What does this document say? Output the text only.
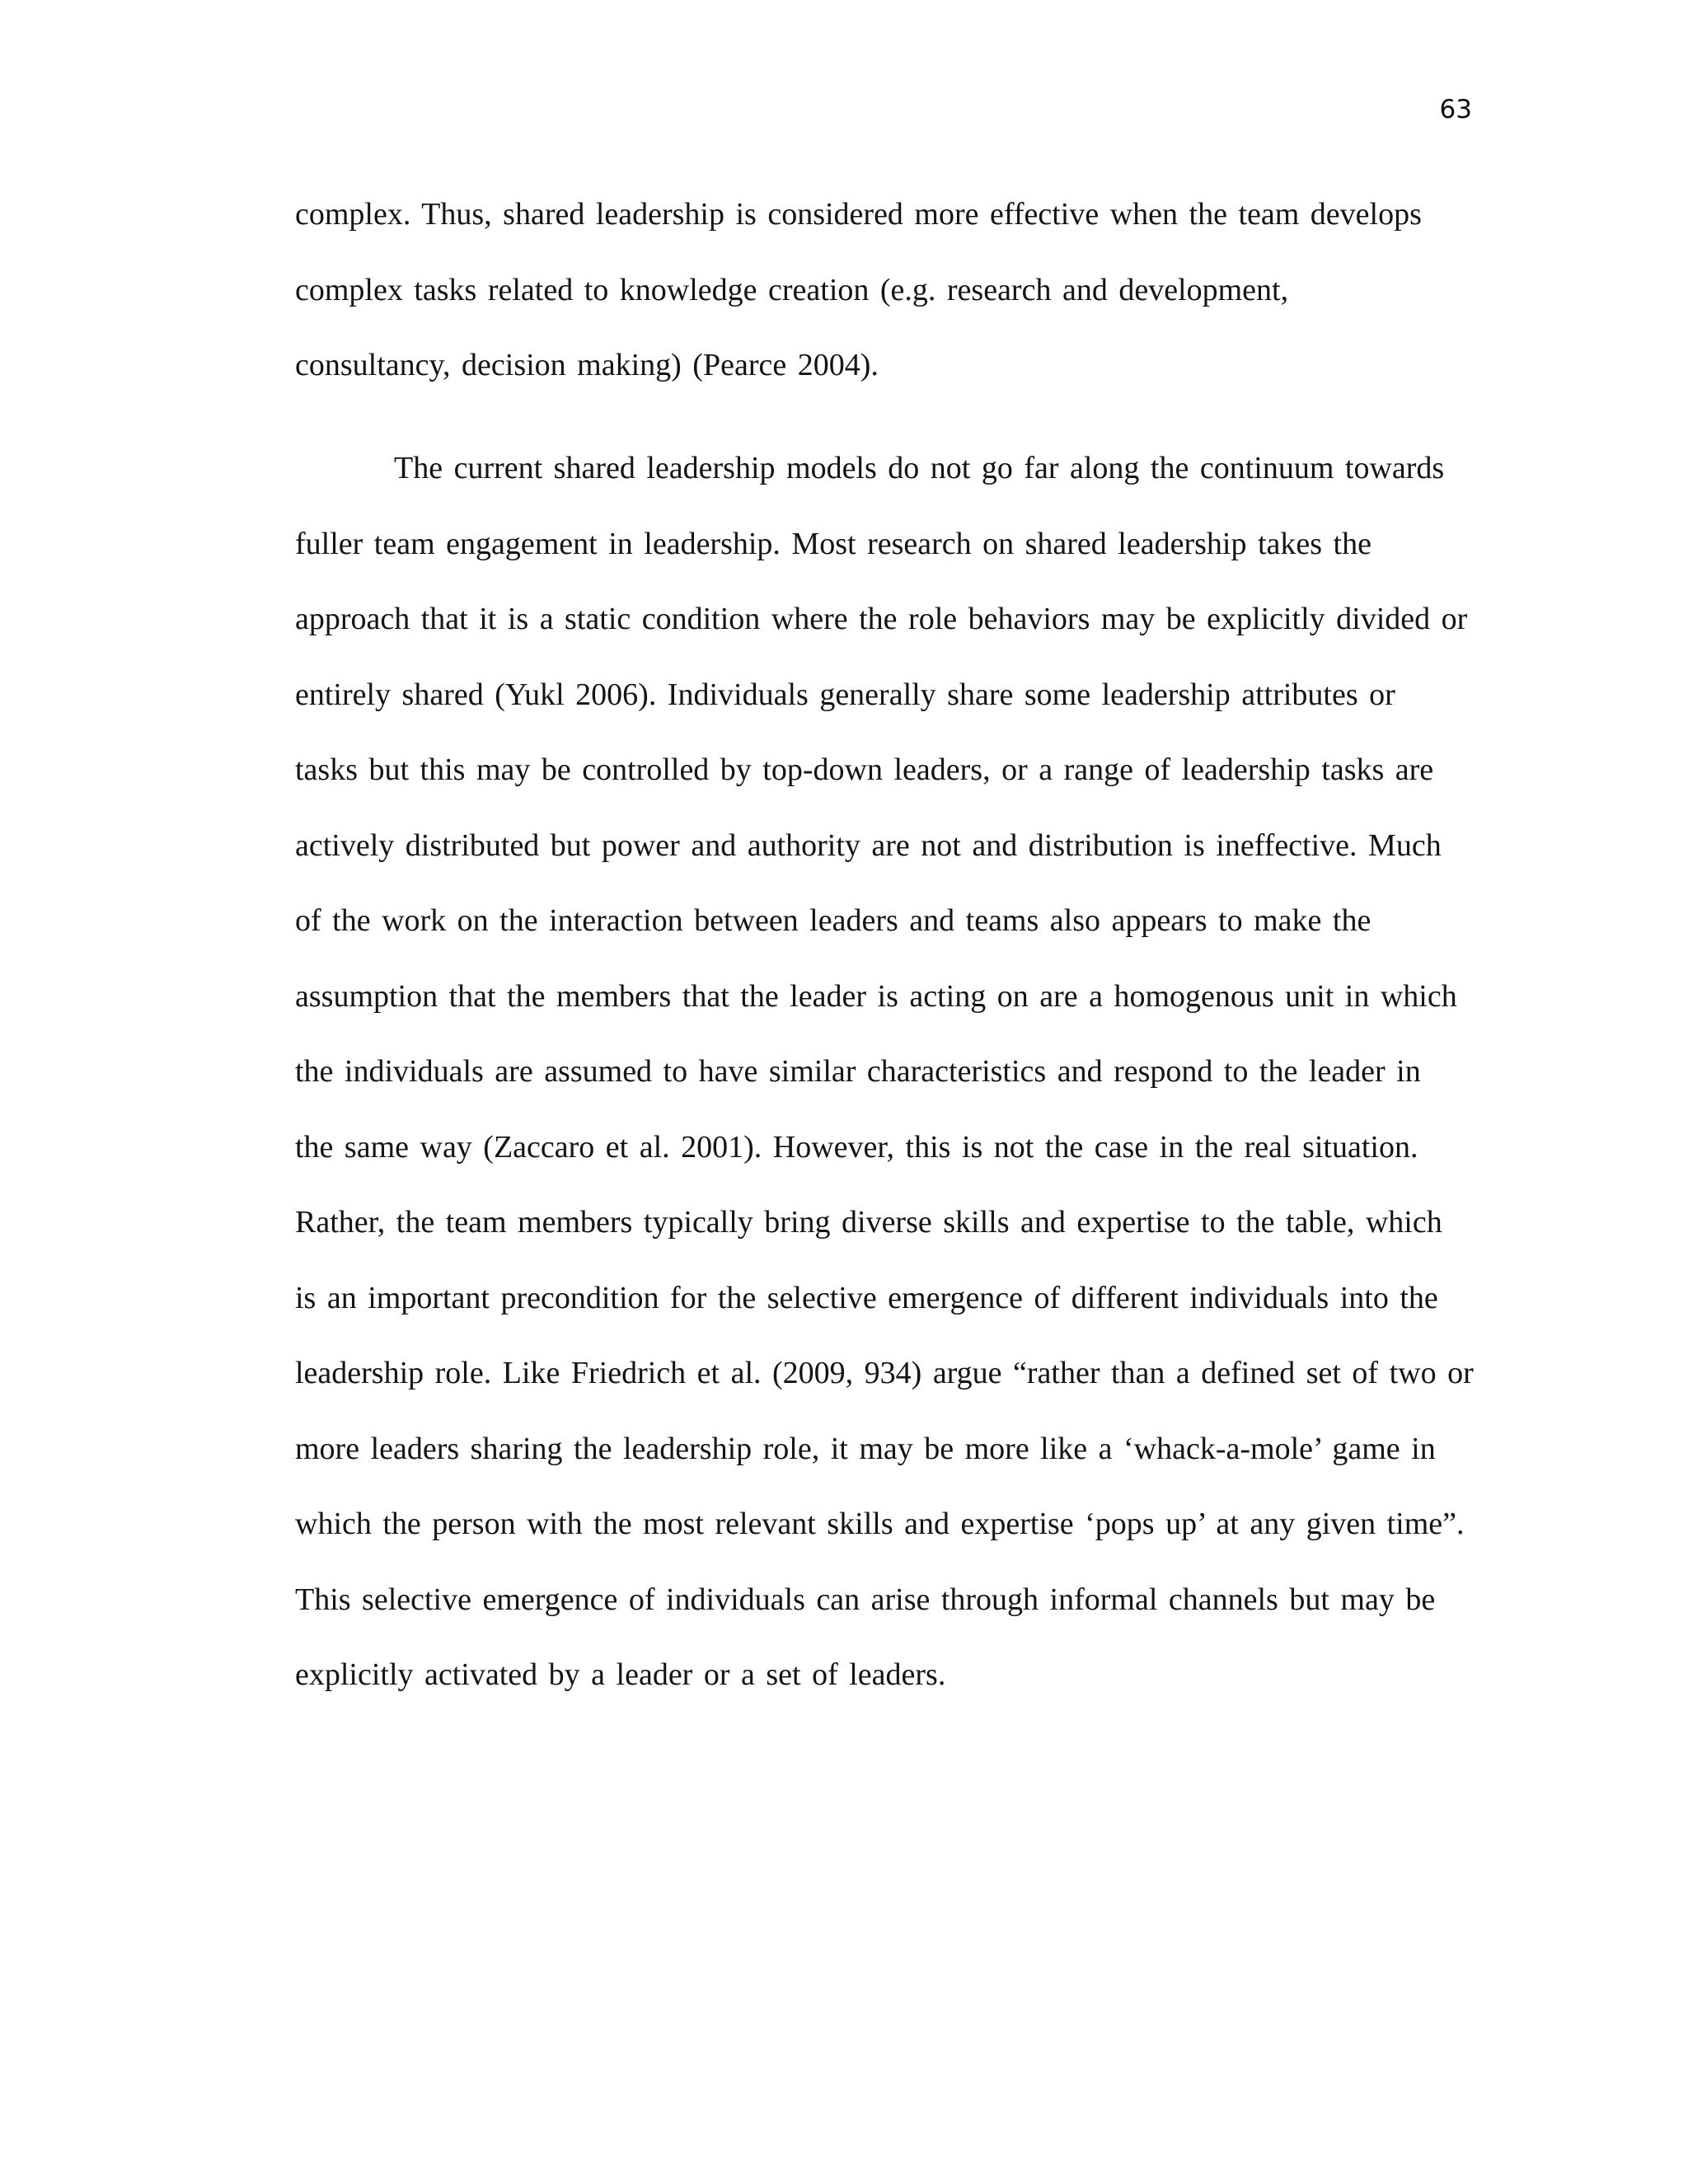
63
complex. Thus, shared leadership is considered more effective when the team develops
complex tasks related to knowledge creation (e.g. research and development,
consultancy, decision making) (Pearce 2004).
The current shared leadership models do not go far along the continuum towards
fuller team engagement in leadership. Most research on shared leadership takes the
approach that it is a static condition where the role behaviors may be explicitly divided or
entirely shared (Yukl 2006). Individuals generally share some leadership attributes or
tasks but this may be controlled by top-down leaders, or a range of leadership tasks are
actively distributed but power and authority are not and distribution is ineffective. Much
of the work on the interaction between leaders and teams also appears to make the
assumption that the members that the leader is acting on are a homogenous unit in which
the individuals are assumed to have similar characteristics and respond to the leader in
the same way (Zaccaro et al. 2001). However, this is not the case in the real situation.
Rather, the team members typically bring diverse skills and expertise to the table, which
is an important precondition for the selective emergence of different individuals into the
leadership role. Like Friedrich et al. (2009, 934) argue “rather than a defined set of two or
more leaders sharing the leadership role, it may be more like a ‘whack-a-mole’ game in
which the person with the most relevant skills and expertise ‘pops up’ at any given time”.
This selective emergence of individuals can arise through informal channels but may be
explicitly activated by a leader or a set of leaders.
